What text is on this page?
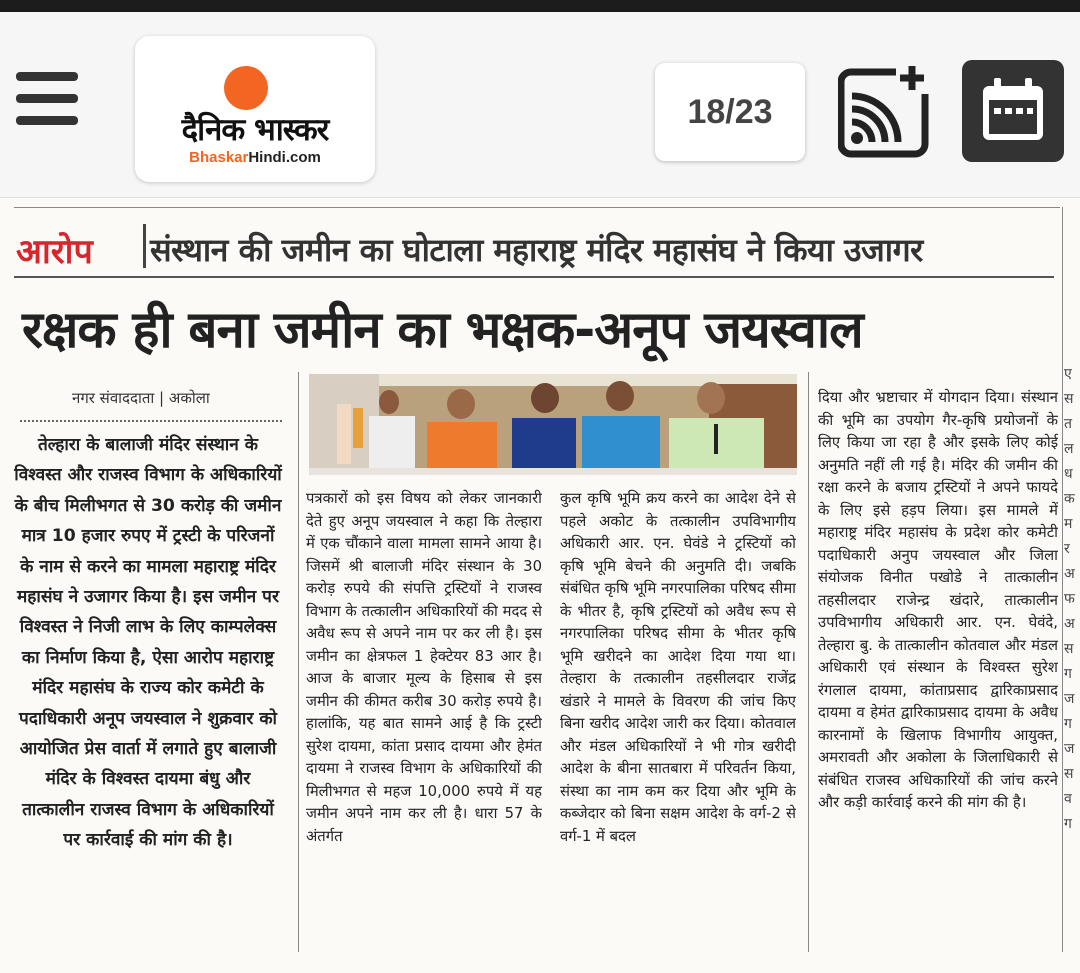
दैनिक भास्कर
BhaskarHindi.com
18/23
आरोप संस्थान की जमीन का घोटाला महाराष्ट्र मंदिर महासंघ ने किया उजागर
रक्षक ही बना जमीन का भक्षक-अनूप जयस्वाल
नगर संवाददाता | अकोला
तेल्हारा के बालाजी मंदिर संस्थान के विश्वस्त और राजस्व विभाग के अधिकारियों के बीच मिलीभगत से 30 करोड़ की जमीन मात्र 10 हजार रुपए में ट्रस्टी के परिजनों के नाम से करने का मामला महाराष्ट्र मंदिर महासंघ ने उजागर किया है। इस जमीन पर विश्वस्त ने निजी लाभ के लिए काम्पलेक्स का निर्माण किया है, ऐसा आरोप महाराष्ट्र मंदिर महासंघ के राज्य कोर कमेटी के पदाधिकारी अनूप जयस्वाल ने शुक्रवार को आयोजित प्रेस वार्ता में लगाते हुए बालाजी मंदिर के विश्वस्त दायमा बंधु और तात्कालीन राजस्व विभाग के अधिकारियों पर कार्रवाई की मांग की है।
पत्रकारों को इस विषय को लेकर जानकारी देते हुए अनूप जयस्वाल ने कहा कि तेल्हारा में एक चौंकाने वाला मामला सामने आया है। जिसमें श्री बालाजी मंदिर संस्थान के 30 करोड़ रुपये की संपत्ति ट्रस्टियों ने राजस्व विभाग के तत्कालीन अधिकारियों की मदद से अवैध रूप से अपने नाम पर कर ली है। इस जमीन का क्षेत्रफल 1 हेक्टेयर 83 आर है। आज के बाजार मूल्य के हिसाब से इस जमीन की कीमत करीब 30 करोड़ रुपये है। हालांकि, यह बात सामने आई है कि ट्रस्टी सुरेश दायमा, कांता प्रसाद दायमा और हेमंत दायमा ने राजस्व विभाग के अधिकारियों की मिलीभगत से महज 10,000 रुपये में यह जमीन अपने नाम कर ली है। धारा 57 के अंतर्गत
कुल कृषि भूमि क्रय करने का आदेश देने से पहले अकोट के तत्कालीन उपविभागीय अधिकारी आर. एन. घेवंडे ने ट्रस्टियों को कृषि भूमि बेचने की अनुमति दी। जबकि संबंधित कृषि भूमि नगरपालिका परिषद सीमा के भीतर है, कृषि ट्रस्टियों को अवैध रूप से नगरपालिका परिषद सीमा के भीतर कृषि भूमि खरीदने का आदेश दिया गया था। तेल्हारा के तत्कालीन तहसीलदार राजेंद्र खंडारे ने मामले के विवरण की जांच किए बिना खरीद आदेश जारी कर दिया। कोतवाल और मंडल अधिकारियों ने भी गोत्र खरीदी आदेश के बीना सातबारा में परिवर्तन किया, संस्था का नाम कम कर दिया और भूमि के कब्जेदार को बिना सक्षम आदेश के वर्ग-2 से वर्ग-1 में बदल
दिया और भ्रष्टाचार में योगदान दिया। संस्थान की भूमि का उपयोग गैर-कृषि प्रयोजनों के लिए किया जा रहा है और इसके लिए कोई अनुमति नहीं ली गई है। मंदिर की जमीन की रक्षा करने के बजाय ट्रस्टियों ने अपने फायदे के लिए इसे हड़प लिया। इस मामले में महाराष्ट्र मंदिर महासंघ के प्रदेश कोर कमेटी पदाधिकारी अनुप जयस्वाल और जिला संयोजक विनीत पखोडे ने तात्कालीन तहसीलदार राजेन्द्र खंदारे, तात्कालीन उपविभागीय अधिकारी आर. एन. घेवंदे, तेल्हारा बु. के तात्कालीन कोतवाल और मंडल अधिकारी एवं संस्थान के विश्वस्त सुरेश रंगलाल दायमा, कांताप्रसाद द्वारिकाप्रसाद दायमा व हेमंत द्वारिकाप्रसाद दायमा के अवैध कारनामों के खिलाफ विभागीय आयुक्त, अमरावती और अकोला के जिलाधिकारी से संबंधित राजस्व अधिकारियों की जांच करने और कड़ी कार्रवाई करने की मांग की है।
ए
स
त
ल
ध
क
म
र
अ
फ
अ
स
ग
ज
ग
ज
स
व
ग
